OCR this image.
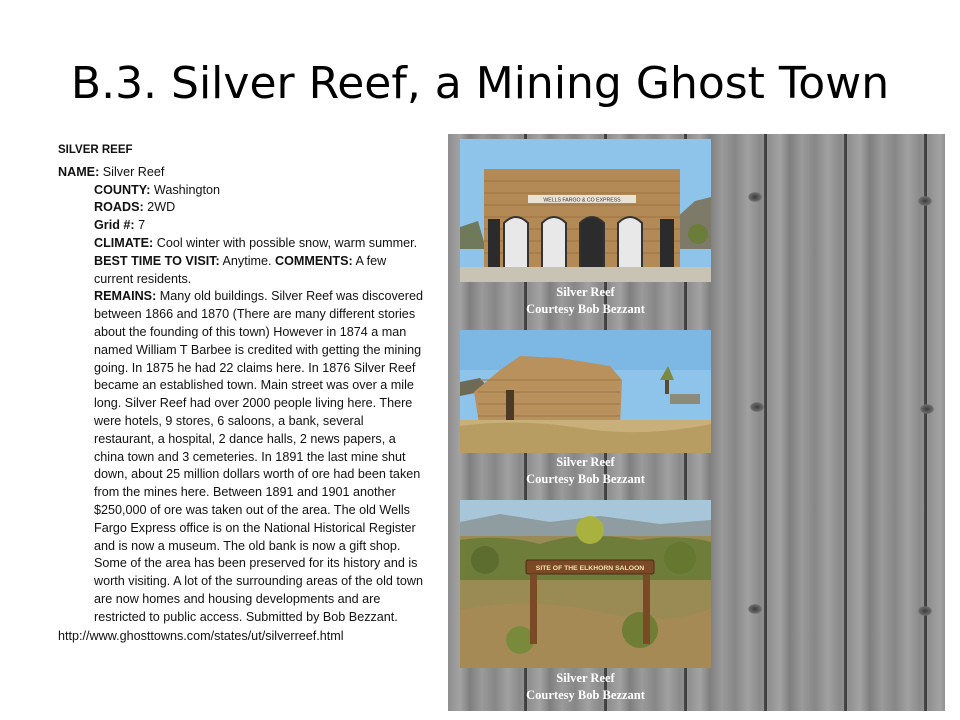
B.3. Silver Reef, a Mining Ghost Town
SILVER REEF
NAME: Silver Reef
COUNTY: Washington
ROADS: 2WD
Grid #: 7
CLIMATE: Cool winter with possible snow, warm summer.
BEST TIME TO VISIT: Anytime. COMMENTS: A few current residents.
REMAINS: Many old buildings. Silver Reef was discovered between 1866 and 1870 (There are many different stories about the founding of this town) However in 1874 a man named William T Barbee is credited with getting the mining going. In 1875 he had 22 claims here. In 1876 Silver Reef became an established town. Main street was over a mile long. Silver Reef had over 2000 people living here. There were hotels, 9 stores, 6 saloons, a bank, several restaurant, a hospital, 2 dance halls, 2 news papers, a china town and 3 cemeteries. In 1891 the last mine shut down, about 25 million dollars worth of ore had been taken from the mines here. Between 1891 and 1901 another $250,000 of ore was taken out of the area. The old Wells Fargo Express office is on the National Historical Register and is now a museum. The old bank is now a gift shop. Some of the area has been preserved for its history and is worth visiting. A lot of the surrounding areas of the old town are now homes and housing developments and are restricted to public access. Submitted by Bob Bezzant.
http://www.ghosttowns.com/states/ut/silverreef.html
WELLS FARGO & CO EXPRESS
Silver Reef
Courtesy Bob Bezzant
Silver Reef
Courtesy Bob Bezzant
SITE OF THE ELKHORN SALOON
Silver Reef
Courtesy Bob Bezzant
